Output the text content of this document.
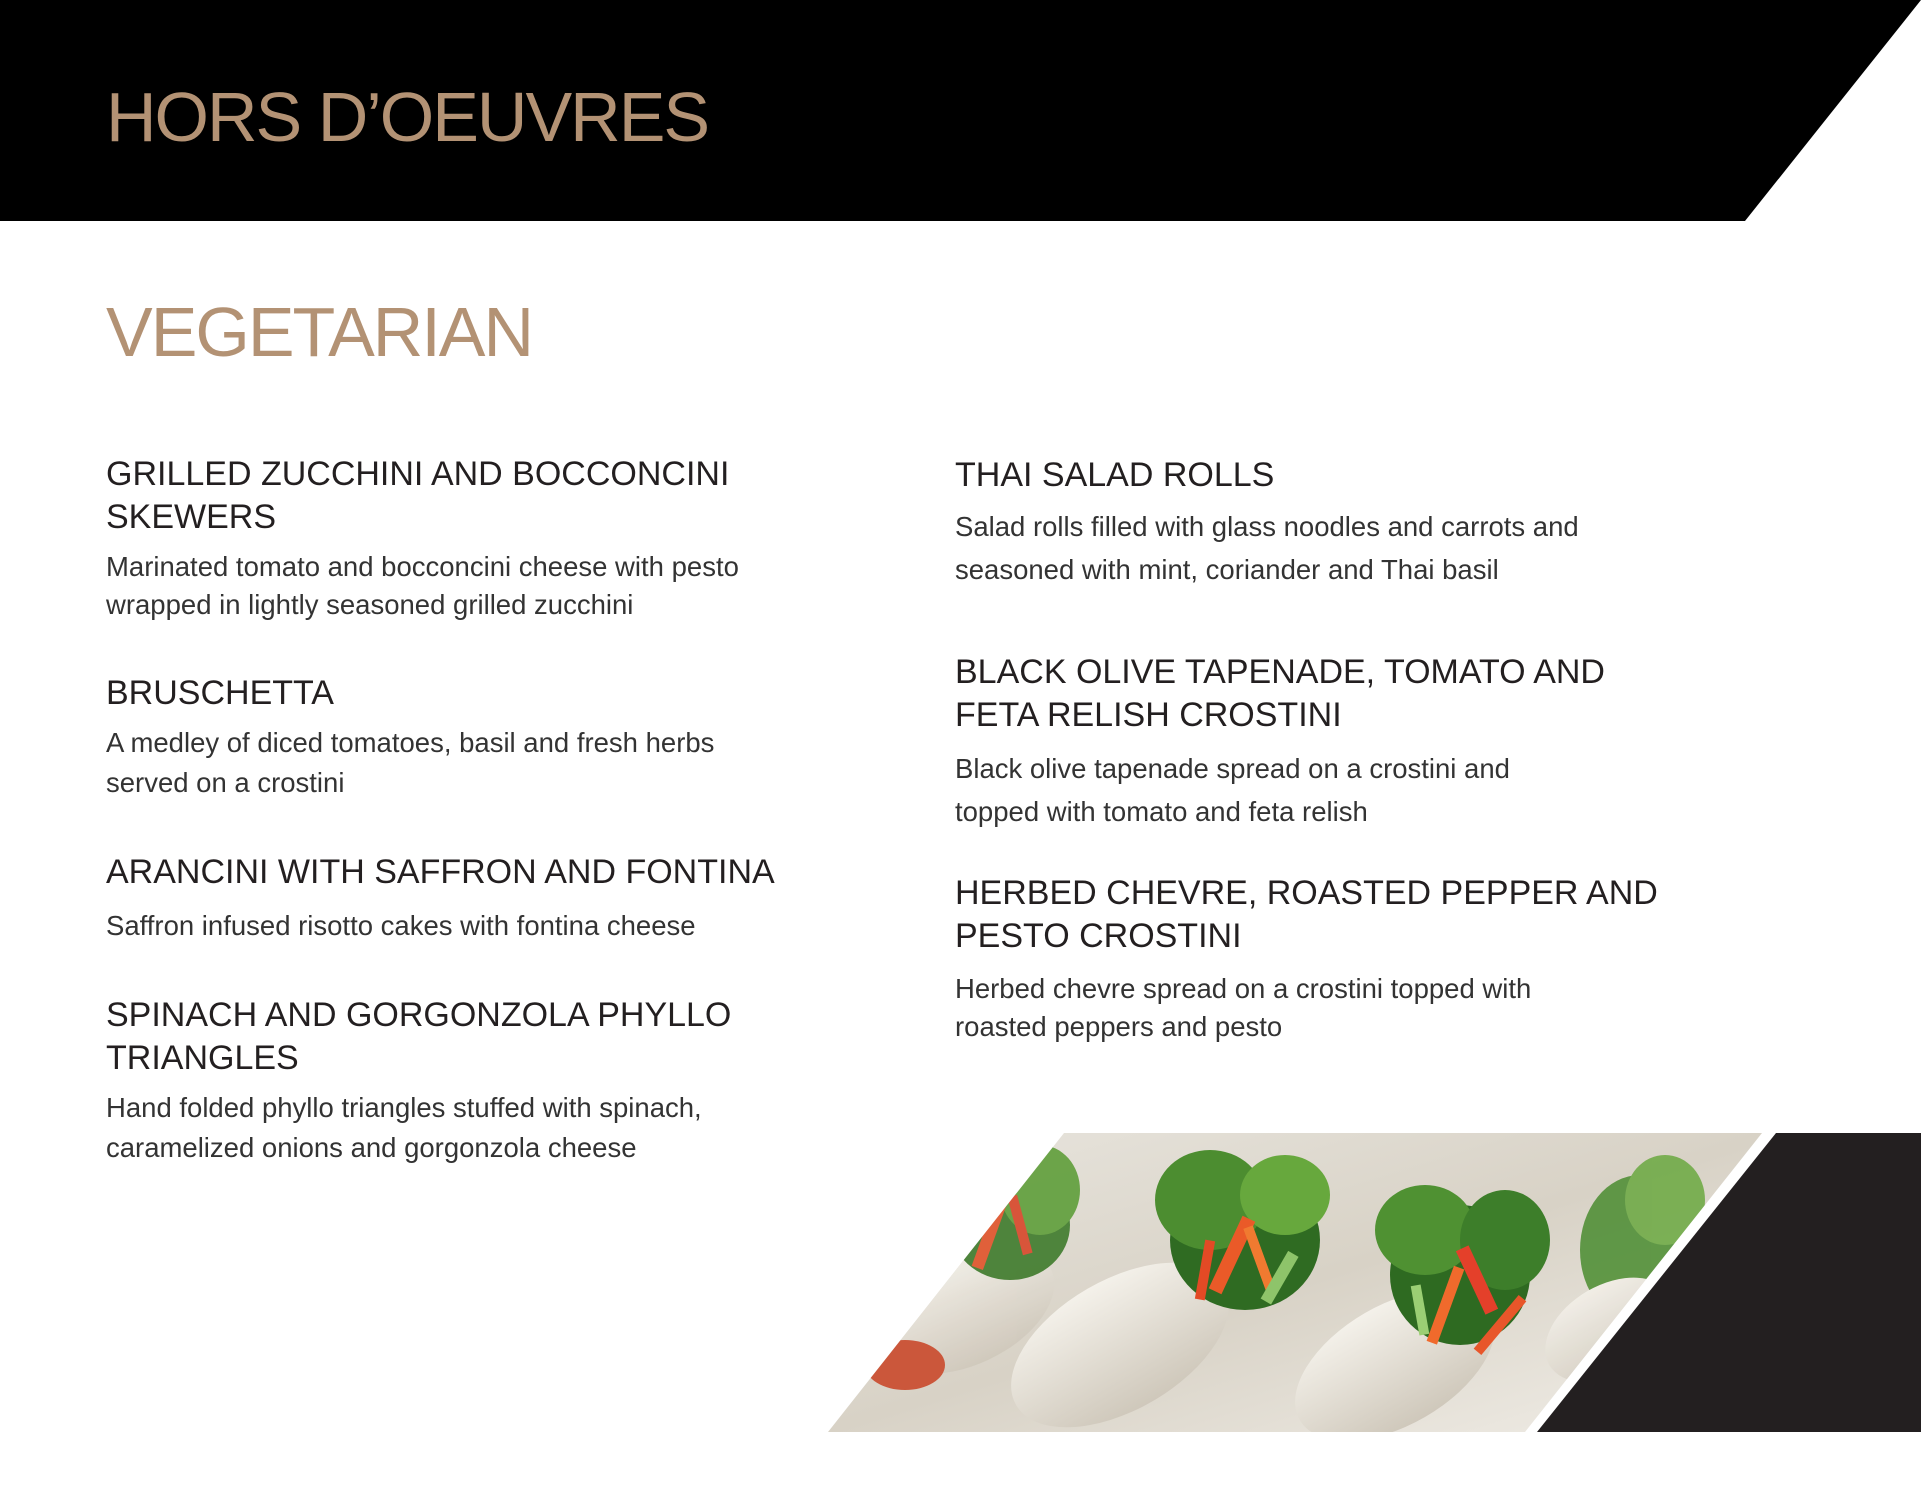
HORS D’OEUVRES
VEGETARIAN
GRILLED ZUCCHINI AND BOCCONCINI SKEWERS

Marinated tomato and bocconcini cheese with pesto wrapped in lightly seasoned grilled zucchini

BRUSCHETTA

A medley of diced tomatoes, basil and fresh herbs served on a crostini

ARANCINI WITH SAFFRON AND FONTINA

Saffron infused risotto cakes with fontina cheese

SPINACH AND GORGONZOLA PHYLLO TRIANGLES

Hand folded phyllo triangles stuffed with spinach, caramelized onions and gorgonzola cheese

THAI SALAD ROLLS

Salad rolls filled with glass noodles and carrots and seasoned with mint, coriander and Thai basil

BLACK OLIVE TAPENADE, TOMATO AND FETA RELISH CROSTINI

Black olive tapenade spread on a crostini and topped with tomato and feta relish

HERBED CHEVRE, ROASTED PEPPER AND PESTO CROSTINI

Herbed chevre spread on a crostini topped with roasted peppers and pesto
